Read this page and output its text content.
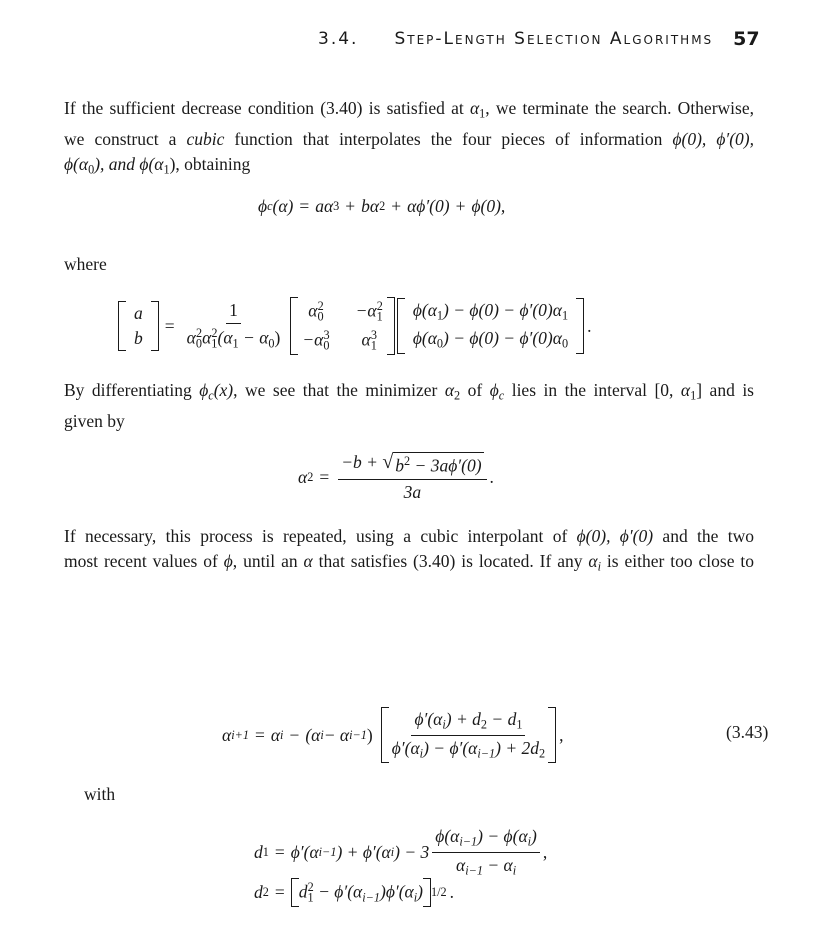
3.4. Step-Length Selection Algorithms 57
If the sufficient decrease condition (3.40) is satisfied at $\alpha_1$, we terminate the search. Otherwise,
we construct a cubic function that interpolates the four pieces of information ϕ(0), ϕ′(0),
$\phi(\alpha_0)$, and $\phi(\alpha_1)$, obtaining
ϕ c (α) = aα 3 + bα 2 + αϕ′(0) + ϕ(0),
where
a
b
= $\frac{1}{\alpha_0^2\alpha_1^2(\alpha_1 - \alpha_0)}$	$\alpha_0^2$	$-\alpha_1^2$
$-\alpha_0^3$	$\alpha_1^3$
$\phi(\alpha_1) - \phi(0) - \phi'(0)\alpha_1$
$\phi(\alpha_0) - \phi(0) - \phi'(0)\alpha_0$
.
By differentiating $\phi_c(x)$, we see that the minimizer $\alpha_2$ of $\phi_c$ lies in the interval [0, $\alpha_1$] and is
given by
α $2 = \frac{-b + √ b^2 - 3a\phi'(0)}{3a}$ .
If necessary, this process is repeated, using a cubic interpolant of ϕ(0), ϕ′(0) and the two
most recent values of ϕ, until an α that satisfies (3.40) is located. If any $\alpha_i$ is either too close to
α i+1 = α i − (α i − α i−1 ) $\frac{\phi'(\alpha_i) + d_2 - d_1}{\phi'(\alpha_i) - \phi'(\alpha_{i-1}) + 2d_2}$ ,	(3.43)
with
d 1 = ϕ′(α i−1 ) + ϕ′(α i ) − $3 \frac{\phi(\alpha_{i-1}) - \phi(\alpha_i)}{\alpha_{i-1} - \alpha_i}$ ,
d $2 = d_1^2 - \phi'(\alpha_{i-1})\phi'(\alpha_i)$ 1/2 .
